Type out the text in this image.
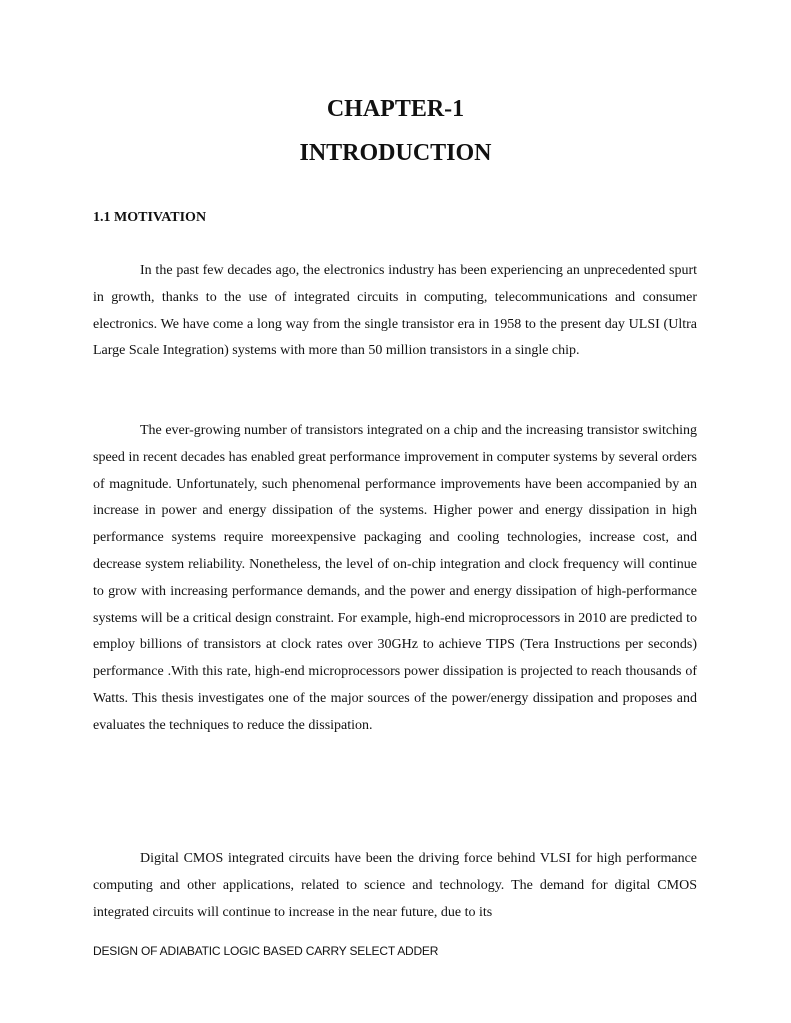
CHAPTER-1
INTRODUCTION
1.1 MOTIVATION

In the past few decades ago, the electronics industry has been experiencing an unprecedented spurt in growth, thanks to the use of integrated circuits in computing, telecommunications and consumer electronics. We have come a long way from the single transistor era in 1958 to the present day ULSI (Ultra Large Scale Integration) systems with more than 50 million transistors in a single chip.

The ever-growing number of transistors integrated on a chip and the increasing transistor switching speed in recent decades has enabled great performance improvement in computer systems by several orders of magnitude. Unfortunately, such phenomenal performance improvements have been accompanied by an increase in power and energy dissipation of the systems. Higher power and energy dissipation in high performance systems require moreexpensive packaging and cooling technologies, increase cost, and decrease system reliability. Nonetheless, the level of on-chip integration and clock frequency will continue to grow with increasing performance demands, and the power and energy dissipation of high-performance systems will be a critical design constraint. For example, high-end microprocessors in 2010 are predicted to employ billions of transistors at clock rates over 30GHz to achieve TIPS (Tera Instructions per seconds) performance .With this rate, high-end microprocessors power dissipation is projected to reach thousands of Watts. This thesis investigates one of the major sources of the power/energy dissipation and proposes and evaluates the techniques to reduce the dissipation.

Digital CMOS integrated circuits have been the driving force behind VLSI for high performance computing and other applications, related to science and technology. The demand for digital CMOS integrated circuits will continue to increase in the near future, due to its

DESIGN OF ADIABATIC LOGIC BASED CARRY SELECT ADDER
